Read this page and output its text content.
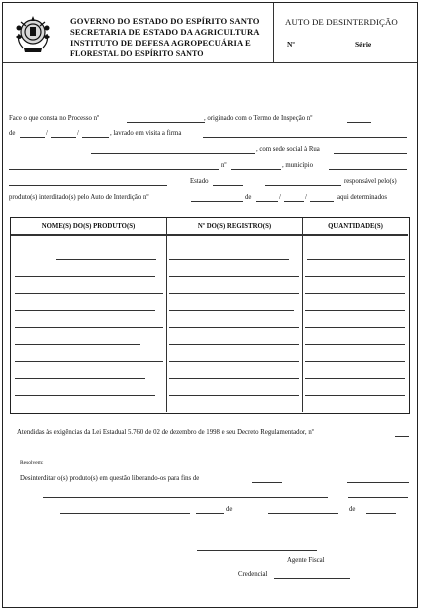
GOVERNO DO ESTADO DO ESPÍRITO SANTO
SECRETARIA DE ESTADO DA AGRICULTURA
INSTITUTO DE DEFESA AGROPECUÁRIA E
FLORESTAL DO ESPÍRITO SANTO
AUTO DE DESINTERDIÇÃO
Nº	Série
Face o que consta no Processo nº	, originado com o Termo de Inspeção nº
de	/	/	, lavrado em visita a firma
, com sede social à Rua
nº	, município
Estado	responsável pelo(s)
produto(s) interditado(s) pelo Auto de Interdição nº	de	/	/	aqui determinados
NOME(S) DO(S) PRODUTO(S)	Nº DO(S) REGISTRO(S)	QUANTIDADE(S)
Atendidas às exigências da Lei Estadual 5.760 de 02 de dezembro de 1998 e seu Decreto Regulamentador, nº
Resolvem:
Desinterditar o(s) produto(s) em questão liberando-os para fins de
de	de
Agente Fiscal
Credencial
